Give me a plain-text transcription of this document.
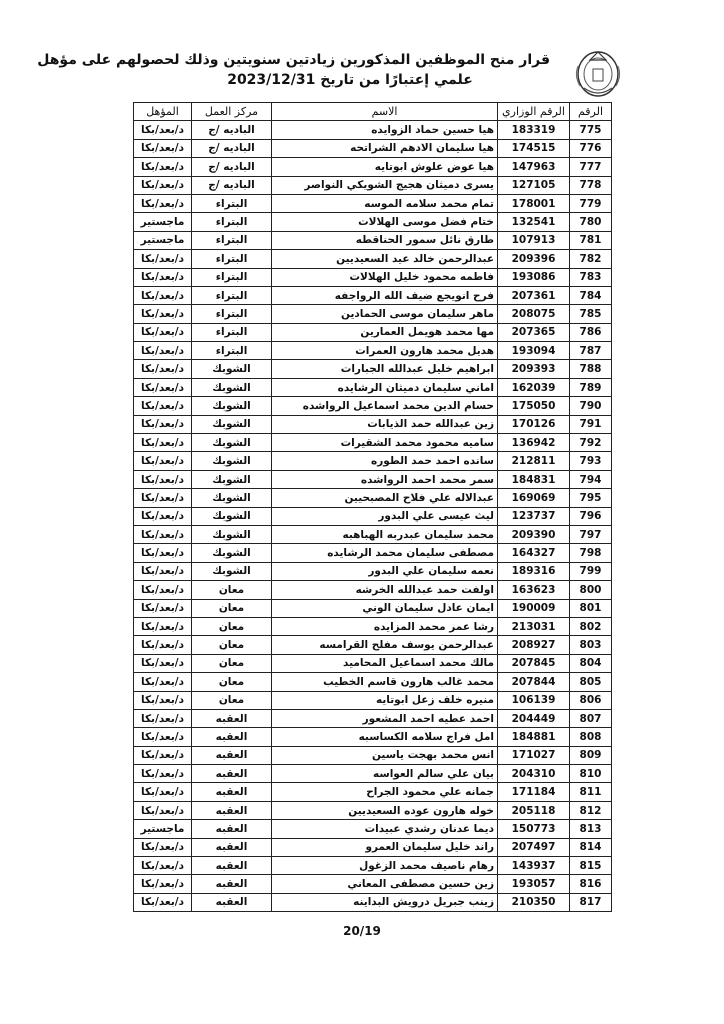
قرار منح الموظفين المذكورين زيادتين سنويتين وذلك لحصولهم على مؤهل
علمي إعتبارًا من تاريخ 2023/12/31
الرقم	الرقم الوزاري	الاسم	مركز العمل	المؤهل
775	183319	هيا حسين حماد الزوايده	الباديه /ج	د/بعد/بكا
776	174515	هيا سليمان الادهم الشراتحه	الباديه /ج	د/بعد/بكا
777	147963	هيا عوض علوش ابوتايه	الباديه /ج	د/بعد/بكا
778	127105	يسرى دميثان هجيج الشويكي النواصر	الباديه /ج	د/بعد/بكا
779	178001	تمام محمد سلامه الموسه	البتراء	د/بعد/بكا
780	132541	ختام فضل موسى الهلالات	البتراء	ماجستير
781	107913	طارق نائل سمور الحناقطه	البتراء	ماجستير
782	209396	عبدالرحمن خالد عيد السعيديين	البتراء	د/بعد/بكا
783	193086	فاطمه محمود خليل الهلالات	البتراء	د/بعد/بكا
784	207361	فرح انويجع ضيف الله الرواجفه	البتراء	د/بعد/بكا
785	208075	ماهر سليمان موسى الحمادين	البتراء	د/بعد/بكا
786	207365	مها محمد هويمل العمارين	البتراء	د/بعد/بكا
787	193094	هديل محمد هارون العمرات	البتراء	د/بعد/بكا
788	209393	ابراهيم خليل عبدالله الجبارات	الشوبك	د/بعد/بكا
789	162039	اماني سليمان دميثان الرشايده	الشوبك	د/بعد/بكا
790	175050	حسام الدين محمد اسماعيل الرواشده	الشوبك	د/بعد/بكا
791	170126	زين عبدالله حمد الذيابات	الشوبك	د/بعد/بكا
792	136942	ساميه محمود محمد الشقيرات	الشوبك	د/بعد/بكا
793	212811	سانده احمد حمد الطوره	الشوبك	د/بعد/بكا
794	184831	سمر محمد احمد الرواشده	الشوبك	د/بعد/بكا
795	169069	عبدالاله علي فلاح المصبحيين	الشوبك	د/بعد/بكا
796	123737	ليث عيسى علي البدور	الشوبك	د/بعد/بكا
797	209390	محمد سليمان عبدربه الهباهبه	الشوبك	د/بعد/بكا
798	164327	مصطفى سليمان محمد الرشايده	الشوبك	د/بعد/بكا
799	189316	نعمه سليمان علي البدور	الشوبك	د/بعد/بكا
800	163623	اولفت حمد عبدالله الخرشه	معان	د/بعد/بكا
801	190009	ايمان عادل سليمان الوني	معان	د/بعد/بكا
802	213031	رشا عمر محمد المزايده	معان	د/بعد/بكا
803	208927	عبدالرحمن يوسف مفلح القرامسه	معان	د/بعد/بكا
804	207845	مالك محمد اسماعيل المحاميد	معان	د/بعد/بكا
805	207844	محمد غالب هارون قاسم الخطيب	معان	د/بعد/بكا
806	106139	منيره خلف زعل ابوتايه	معان	د/بعد/بكا
807	204449	احمد عطيه احمد المشعور	العقبه	د/بعد/بكا
808	184881	امل فراج سلامه الكساسبه	العقبه	د/بعد/بكا
809	171027	انس محمد بهجت ياسين	العقبه	د/بعد/بكا
810	204310	بيان علي سالم العواسه	العقبه	د/بعد/بكا
811	171184	جمانه علي محمود الجراح	العقبه	د/بعد/بكا
812	205118	خوله هارون عوده السعيديين	العقبه	د/بعد/بكا
813	150773	ديما عدنان رشدي عبيدات	العقبه	ماجستير
814	207497	راند خليل سليمان العمرو	العقبه	د/بعد/بكا
815	143937	رهام ناصيف محمد الزغول	العقبه	د/بعد/بكا
816	193057	زين حسين مصطفى المعاني	العقبه	د/بعد/بكا
817	210350	زينب جبريل درويش البداينه	العقبه	د/بعد/بكا
20/19
